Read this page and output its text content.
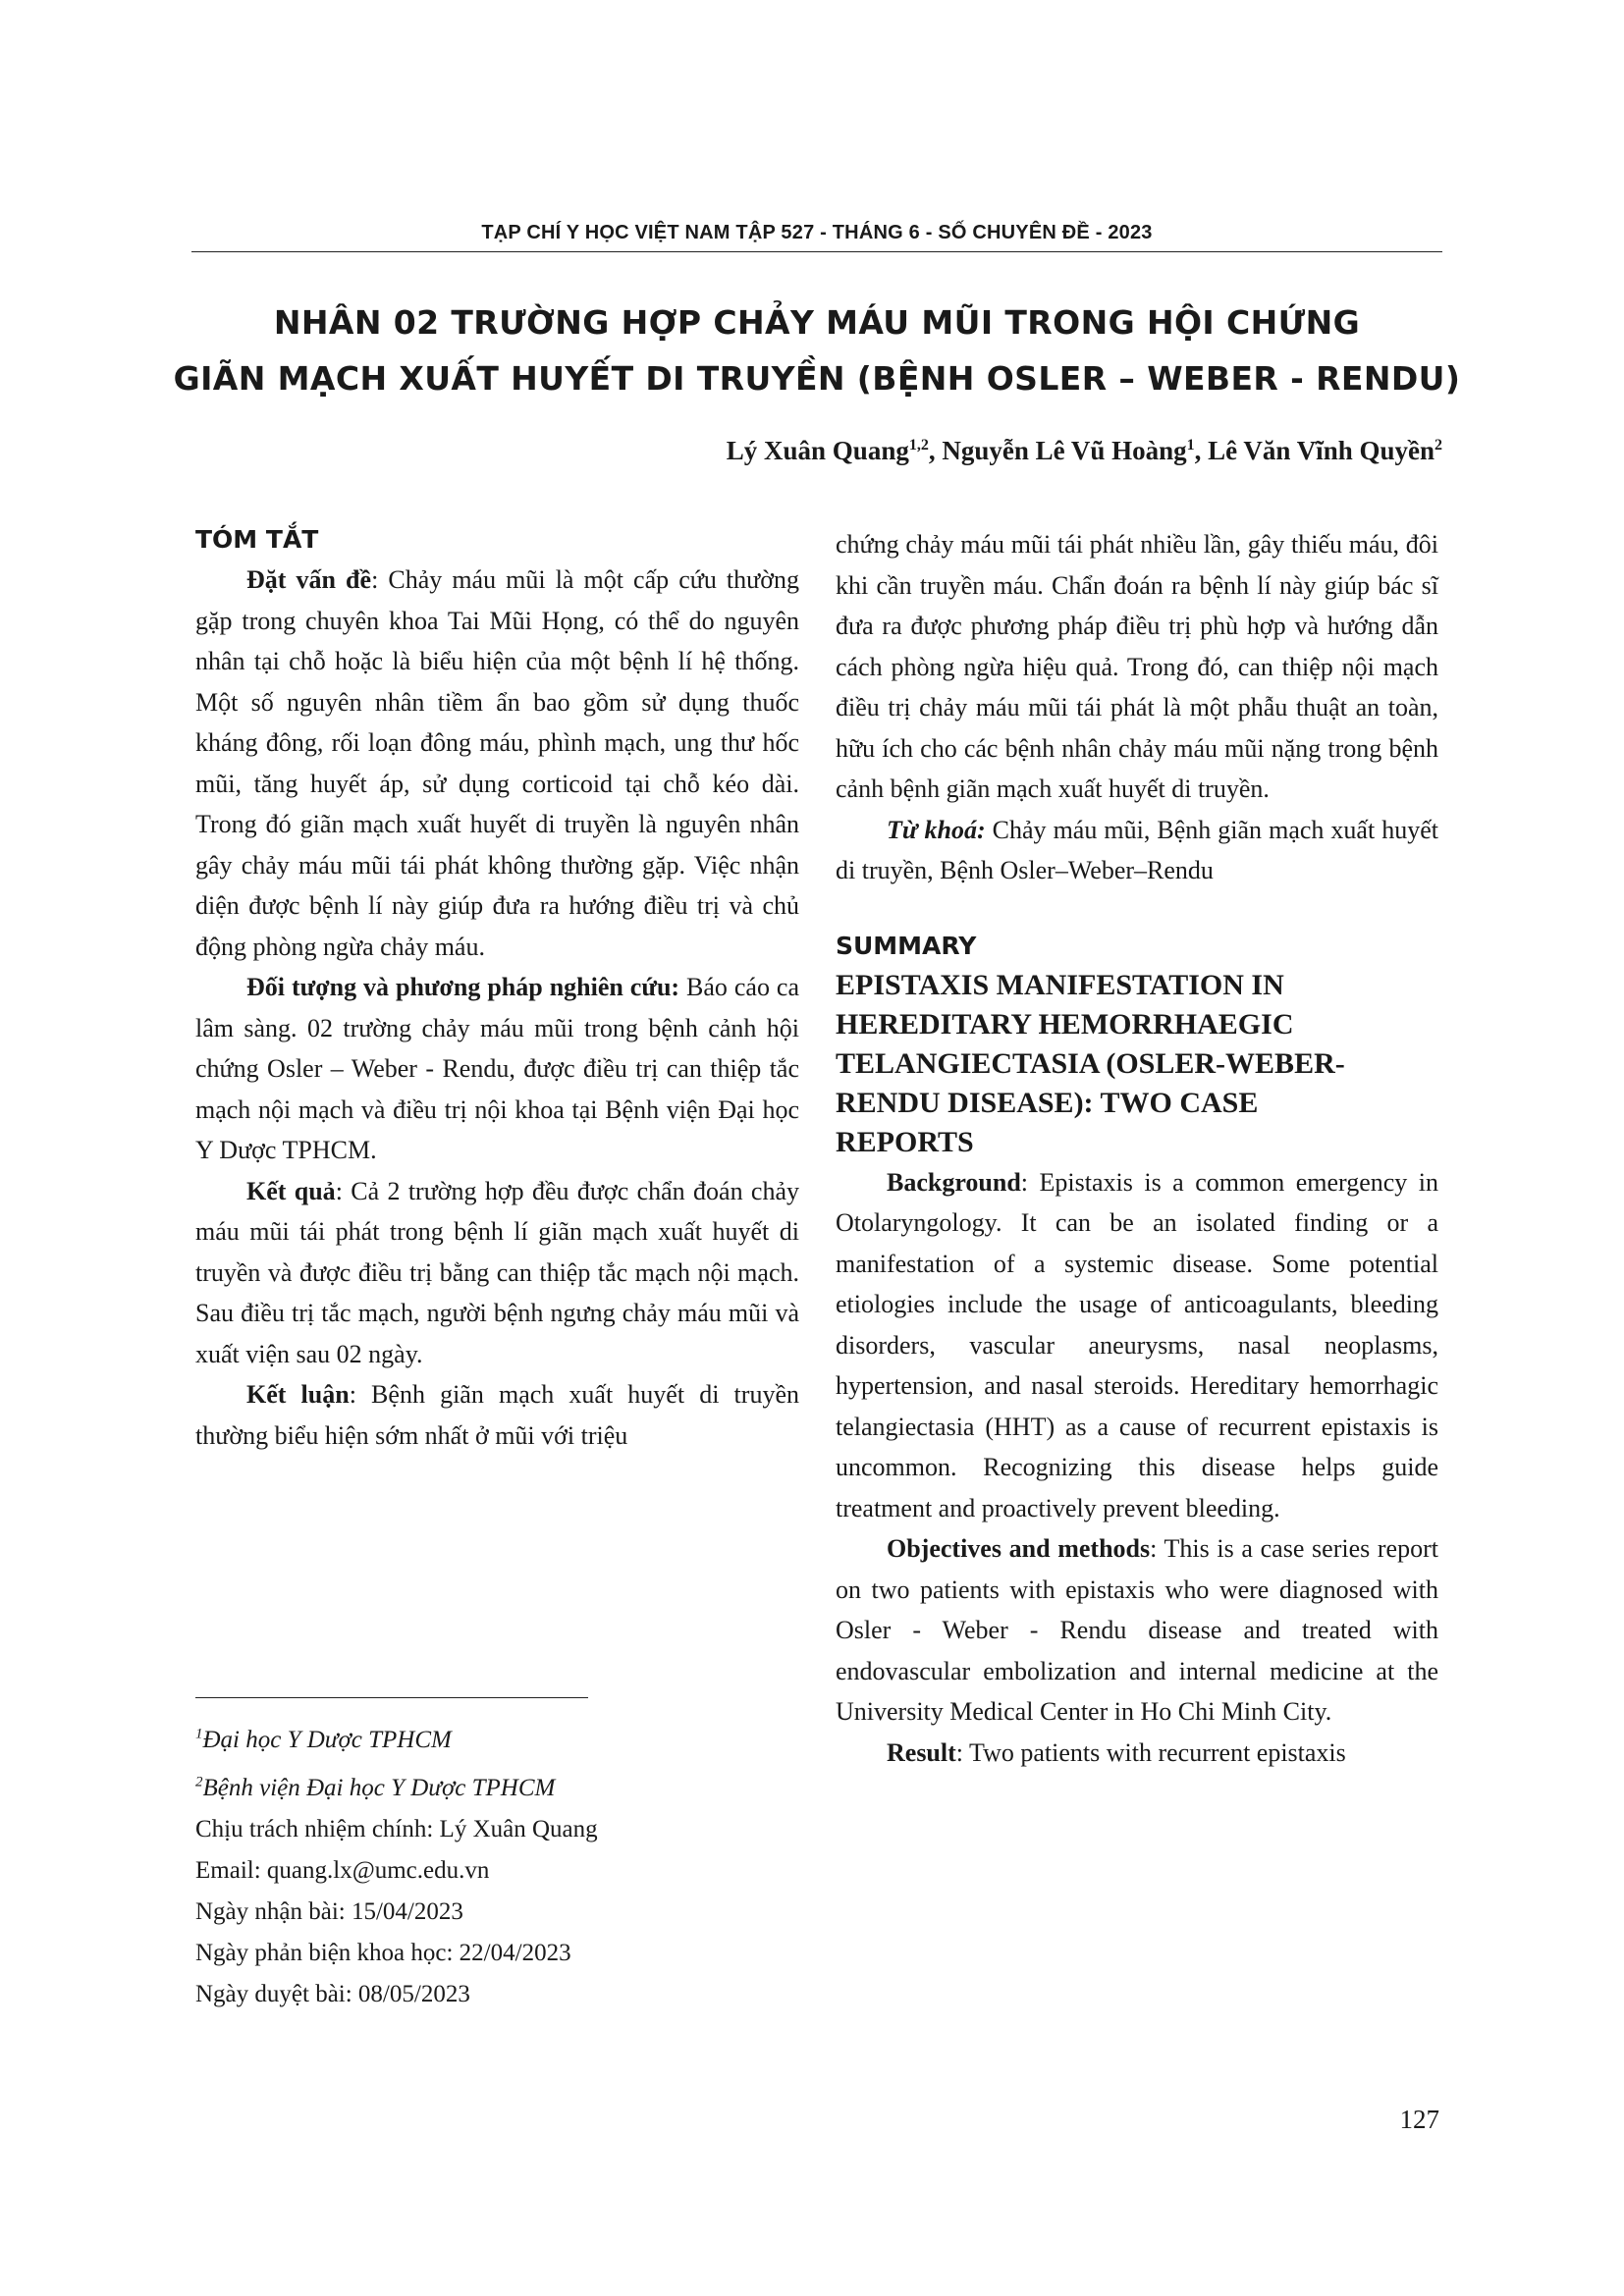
TẠP CHÍ Y HỌC VIỆT NAM TẬP 527 - THÁNG 6 - SỐ CHUYÊN ĐỀ - 2023
NHÂN 02 TRƯỜNG HỢP CHẢY MÁU MŨI TRONG HỘI CHỨNG
GIÃN MẠCH XUẤT HUYẾT DI TRUYỀN (BỆNH OSLER – WEBER - RENDU)
Lý Xuân Quang$^{1,2}$, Nguyễn Lê Vũ Hoàng$^1$, Lê Văn Vĩnh Quyền$^2$

TÓM TẮT

Đặt vấn đề: Chảy máu mũi là một cấp cứu thường gặp trong chuyên khoa Tai Mũi Họng, có thể do nguyên nhân tại chỗ hoặc là biểu hiện của một bệnh lí hệ thống. Một số nguyên nhân tiềm ẩn bao gồm sử dụng thuốc kháng đông, rối loạn đông máu, phình mạch, ung thư hốc mũi, tăng huyết áp, sử dụng corticoid tại chỗ kéo dài. Trong đó giãn mạch xuất huyết di truyền là nguyên nhân gây chảy máu mũi tái phát không thường gặp. Việc nhận diện được bệnh lí này giúp đưa ra hướng điều trị và chủ động phòng ngừa chảy máu.

Đối tượng và phương pháp nghiên cứu: Báo cáo ca lâm sàng. 02 trường chảy máu mũi trong bệnh cảnh hội chứng Osler – Weber - Rendu, được điều trị can thiệp tắc mạch nội mạch và điều trị nội khoa tại Bệnh viện Đại học Y Dược TPHCM.

Kết quả: Cả 2 trường hợp đều được chẩn đoán chảy máu mũi tái phát trong bệnh lí giãn mạch xuất huyết di truyền và được điều trị bằng can thiệp tắc mạch nội mạch. Sau điều trị tắc mạch, người bệnh ngưng chảy máu mũi và xuất viện sau 02 ngày.

Kết luận: Bệnh giãn mạch xuất huyết di truyền thường biểu hiện sớm nhất ở mũi với triệu

$^1$Đại học Y Dược TPHCM
$^2$Bệnh viện Đại học Y Dược TPHCM
Chịu trách nhiệm chính: Lý Xuân Quang
Email: quang.lx@umc.edu.vn
Ngày nhận bài: 15/04/2023
Ngày phản biện khoa học: 22/04/2023
Ngày duyệt bài: 08/05/2023

chứng chảy máu mũi tái phát nhiều lần, gây thiếu máu, đôi khi cần truyền máu. Chẩn đoán ra bệnh lí này giúp bác sĩ đưa ra được phương pháp điều trị phù hợp và hướng dẫn cách phòng ngừa hiệu quả. Trong đó, can thiệp nội mạch điều trị chảy máu mũi tái phát là một phẫu thuật an toàn, hữu ích cho các bệnh nhân chảy máu mũi nặng trong bệnh cảnh bệnh giãn mạch xuất huyết di truyền.

Từ khoá: Chảy máu mũi, Bệnh giãn mạch xuất huyết di truyền, Bệnh Osler–Weber–Rendu

SUMMARY

EPISTAXIS MANIFESTATION IN

HEREDITARY HEMORRHAEGIC

TELANGIECTASIA (OSLER-WEBER-

RENDU DISEASE): TWO CASE

REPORTS

Background: Epistaxis is a common emergency in Otolaryngology. It can be an isolated finding or a manifestation of a systemic disease. Some potential etiologies include the usage of anticoagulants, bleeding disorders, vascular aneurysms, nasal neoplasms, hypertension, and nasal steroids. Hereditary hemorrhagic telangiectasia (HHT) as a cause of recurrent epistaxis is uncommon. Recognizing this disease helps guide treatment and proactively prevent bleeding.

Objectives and methods: This is a case series report on two patients with epistaxis who were diagnosed with Osler - Weber - Rendu disease and treated with endovascular embolization and internal medicine at the University Medical Center in Ho Chi Minh City.

Result: Two patients with recurrent epistaxis

127
